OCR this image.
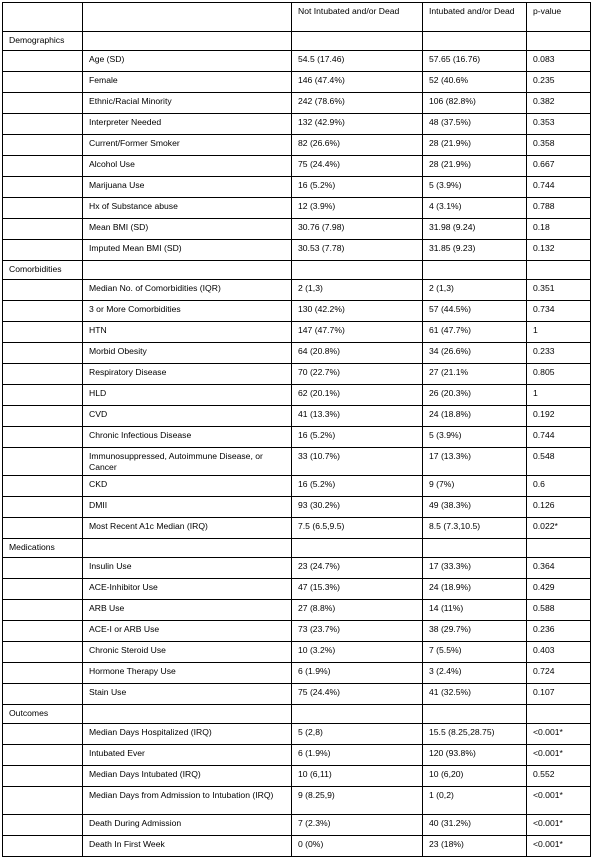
		Not Intubated and/or Dead	Intubated and/or Dead	p-value
Demographics				
	Age (SD)	54.5 (17.46)	57.65 (16.76)	0.083
	Female	146 (47.4%)	52 (40.6%	0.235
	Ethnic/Racial Minority	242 (78.6%)	106 (82.8%)	0.382
	Interpreter Needed	132 (42.9%)	48 (37.5%)	0.353
	Current/Former Smoker	82 (26.6%)	28 (21.9%)	0.358
	Alcohol Use	75 (24.4%)	28 (21.9%)	0.667
	Marijuana Use	16 (5.2%)	5 (3.9%)	0.744
	Hx of Substance abuse	12 (3.9%)	4 (3.1%)	0.788
	Mean BMI (SD)	30.76 (7.98)	31.98 (9.24)	0.18
	Imputed Mean BMI (SD)	30.53 (7.78)	31.85 (9.23)	0.132
Comorbidities				
	Median No. of Comorbidities (IQR)	2 (1,3)	2 (1,3)	0.351
	3 or More Comorbidities	130 (42.2%)	57 (44.5%)	0.734
	HTN	147 (47.7%)	61 (47.7%)	1
	Morbid Obesity	64 (20.8%)	34 (26.6%)	0.233
	Respiratory Disease	70 (22.7%)	27 (21.1%	0.805
	HLD	62 (20.1%)	26 (20.3%)	1
	CVD	41 (13.3%)	24 (18.8%)	0.192
	Chronic Infectious Disease	16 (5.2%)	5 (3.9%)	0.744
	Immunosuppressed, Autoimmune Disease, or Cancer	33 (10.7%)	17 (13.3%)	0.548
	CKD	16 (5.2%)	9 (7%)	0.6
	DMII	93 (30.2%)	49 (38.3%)	0.126
	Most Recent A1c Median (IRQ)	7.5 (6.5,9.5)	8.5 (7.3,10.5)	0.022*
Medications				
	Insulin Use	23 (24.7%)	17 (33.3%)	0.364
	ACE-Inhibitor Use	47 (15.3%)	24 (18.9%)	0.429
	ARB Use	27 (8.8%)	14 (11%)	0.588
	ACE-I or ARB Use	73 (23.7%)	38 (29.7%)	0.236
	Chronic Steroid Use	10 (3.2%)	7 (5.5%)	0.403
	Hormone Therapy Use	6 (1.9%)	3 (2.4%)	0.724
	Stain Use	75 (24.4%)	41 (32.5%)	0.107
Outcomes				
	Median Days Hospitalized (IRQ)	5 (2,8)	15.5 (8.25,28.75)	<0.001*
	Intubated Ever	6 (1.9%)	120 (93.8%)	<0.001*
	Median Days Intubated (IRQ)	10 (6,11)	10 (6,20)	0.552
	Median Days from Admission to Intubation (IRQ)	9 (8.25,9)	1 (0,2)	<0.001*
	Death During Admission	7 (2.3%)	40 (31.2%)	<0.001*
	Death In First Week	0 (0%)	23 (18%)	<0.001*
